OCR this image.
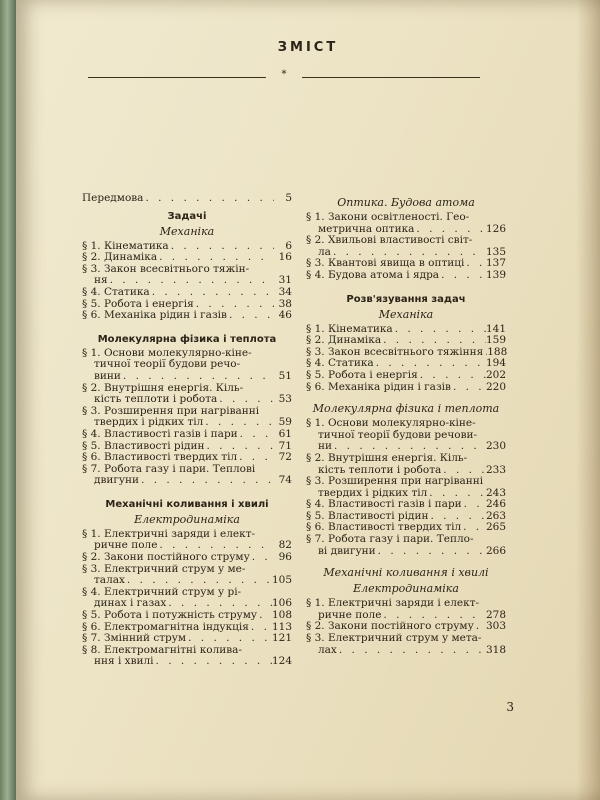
ЗМІСТ
*
Передмова . . .	5
Задачі
Механіка
§ 1. Кінематика . . .	6
§ 2. Динаміка . . .	16
§ 3. Закон всесвітнього тяжін-
ня . . .	31
§ 4. Статика . . .	34
§ 5. Робота і енергія . . .	38
§ 6. Механіка рідин і газів . . .	46
Молекулярна фізика і теплота
§ 1. Основи молекулярно-кіне-
тичної теорії будови речо-
вини . . .	51
§ 2. Внутрішня енергія. Кіль-
кість теплоти і робота . . .	53
§ 3. Розширення при нагріванні
твердих і рідких тіл . . .	59
§ 4. Властивості газів і пари . . .	61
§ 5. Властивості рідин . . .	71
§ 6. Властивості твердих тіл . . .	72
§ 7. Робота газу і пари. Теплові
двигуни . . .	74
Механічні коливання і хвилі
Електродинаміка
§ 1. Електричні заряди і елект-
ричне поле . . .	82
§ 2. Закони постійного струму . . .	96
§ 3. Електричний струм у ме-
талах . . .	105
§ 4. Електричний струм у рі-
динах і газах . . .	106
§ 5. Робота і потужність струму . . . 108
§ 6. Електромагнітна індукція . . . 113
§ 7. Змінний струм . . .	121
§ 8. Електромагнітні колива-
ння і хвилі . . .	124
Оптика. Будова атома
§ 1. Закони освітленості. Гео-
метрична оптика . . .	126
§ 2. Хвильові властивості світ-
ла . . .	135
§ 3. Квантові явища в оптиці . . . 137
§ 4. Будова атома і ядра . . .	139
Розв'язування задач
Механіка
§ 1. Кінематика . . .	141
§ 2. Динаміка . . .	159
§ 3. Закон всесвітнього тяжіння . . . 188
§ 4. Статика . . .	194
§ 5. Робота і енергія . . .	202
§ 6. Механіка рідин і газів . . .	220
Молекулярна фізика і теплота
§ 1. Основи молекулярно-кіне-
тичної теорії будови речови-
ни . . .	230
§ 2. Внутрішня енергія. Кіль-
кість теплоти і робота . . .	233
§ 3. Розширення при нагріванні
твердих і рідких тіл . . .	243
§ 4. Властивості газів і пари . . . 246
§ 5. Властивості рідин . . .	263
§ 6. Властивості твердих тіл . . . 265
§ 7. Робота газу і пари. Тепло-
ві двигуни . . .	266
Механічні коливання і хвилі
Електродинаміка
§ 1. Електричні заряди і елект-
ричне поле . . .	278
§ 2. Закони постійного струму . . . 303
§ 3. Електричний струм у мета-
лах . . .	318
3
